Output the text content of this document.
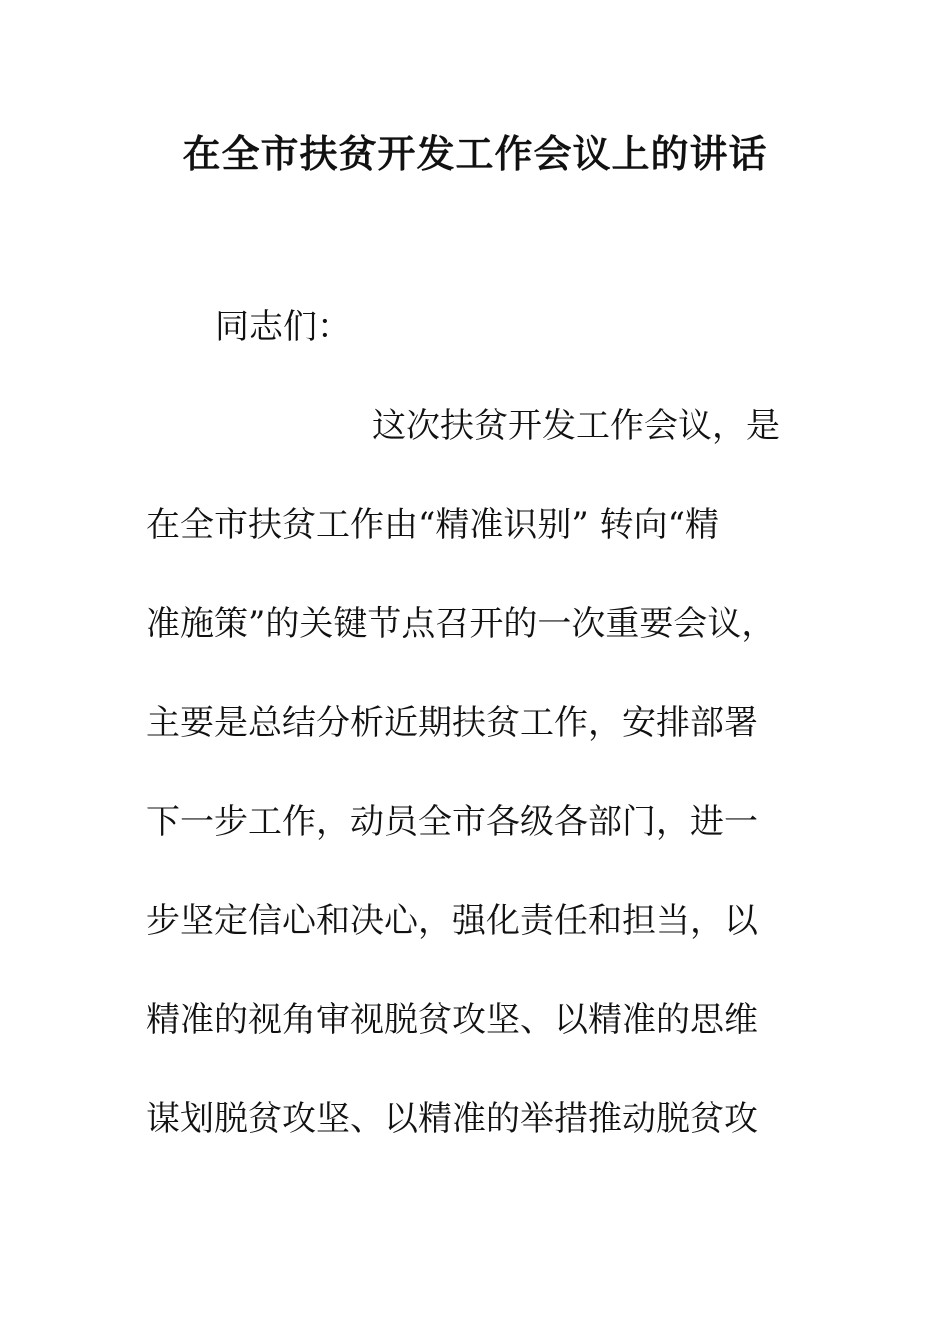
在全市扶贫开发工作会议上的讲话

同志们：

这次扶贫开发工作会议，是

在全市扶贫工作由“精准识别” 转向“精

准施策”的关键节点召开的一次重要会议，

主要是总结分析近期扶贫工作，安排部署

下一步工作，动员全市各级各部门，进一

步坚定信心和决心，强化责任和担当，以

精准的视角审视脱贫攻坚、以精准的思维

谋划脱贫攻坚、以精准的举措推动脱贫攻
